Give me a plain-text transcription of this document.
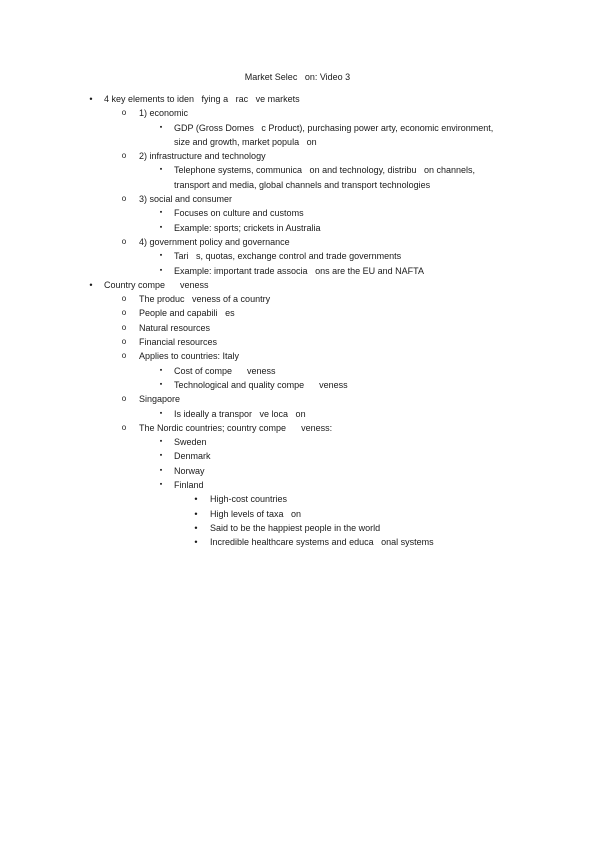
Market Selec   on: Video 3
•	4 key elements to iden   fying a   rac   ve markets
o	1) economic
▪	GDP (Gross Domes   c Product), purchasing power arty, economic environment,
size and growth, market popula   on
o	2) infrastructure and technology
▪	Telephone systems, communica   on and technology, distribu   on channels,
transport and media, global channels and transport technologies
o	3) social and consumer
▪	Focuses on culture and customs
▪	Example: sports; crickets in Australia
o	4) government policy and governance
▪	Tari   s, quotas, exchange control and trade governments
▪	Example: important trade associa   ons are the EU and NAFTA
•	Country compe      veness
o	The produc   veness of a country
o	People and capabili   es
o	Natural resources
o	Financial resources
o	Applies to countries: Italy
▪	Cost of compe      veness
▪	Technological and quality compe      veness
o	Singapore
▪	Is ideally a transpor   ve loca   on
o	The Nordic countries; country compe      veness:
▪	Sweden
▪	Denmark
▪	Norway
▪	Finland
•	High-cost countries
•	High levels of taxa   on
•	Said to be the happiest people in the world
•	Incredible healthcare systems and educa   onal systems
